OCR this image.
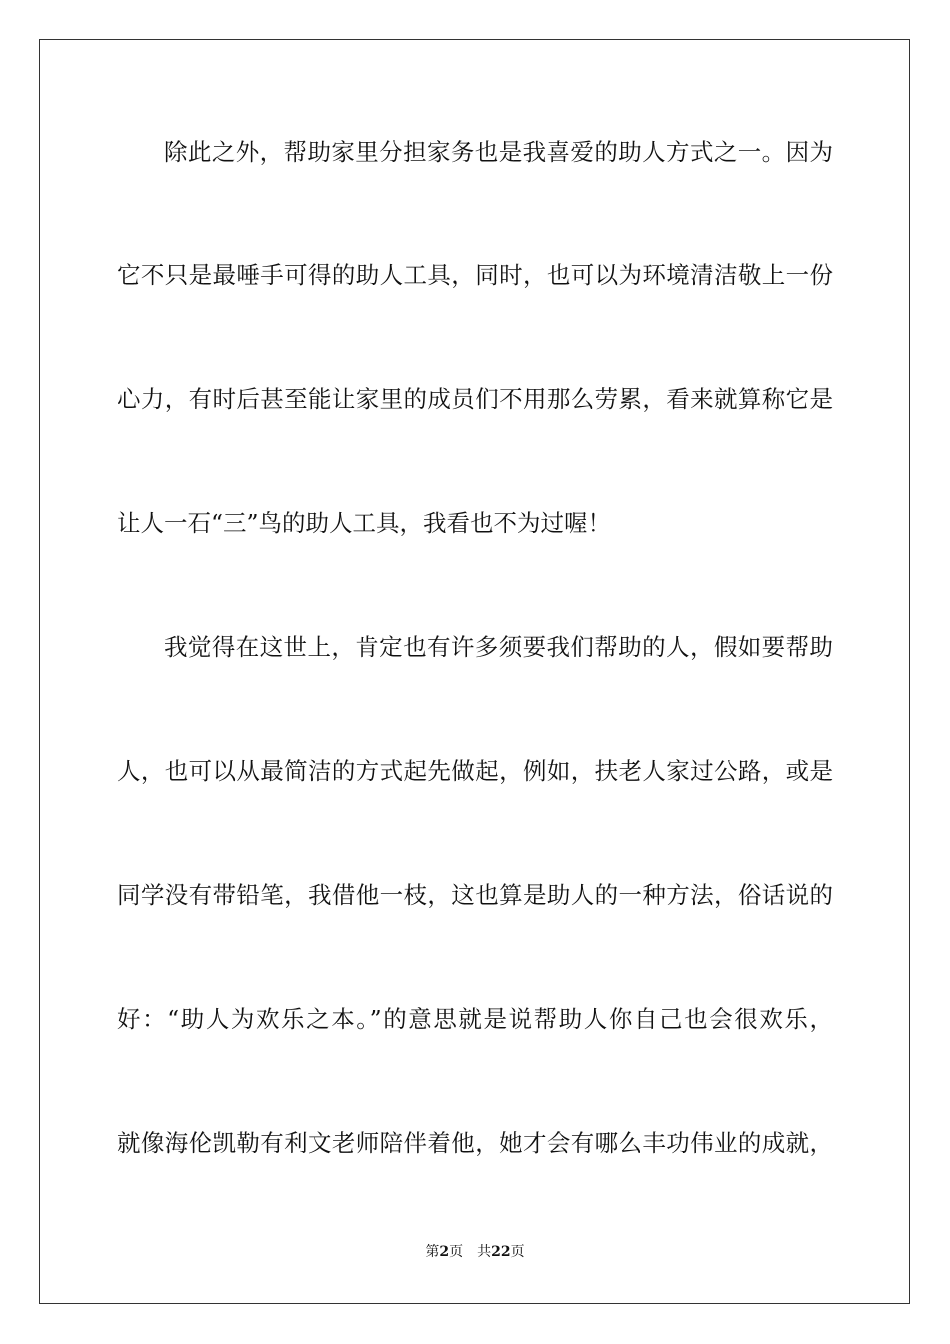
除此之外，帮助家里分担家务也是我喜爱的助人方式之一。因为
它不只是最唾手可得的助人工具，同时，也可以为环境清洁敬上一份
心力，有时后甚至能让家里的成员们不用那么劳累，看来就算称它是
让人一石“三”鸟的助人工具，我看也不为过喔！
我觉得在这世上，肯定也有许多须要我们帮助的人，假如要帮助
人，也可以从最简洁的方式起先做起，例如，扶老人家过公路，或是
同学没有带铅笔，我借他一枝，这也算是助人的一种方法，俗话说的
好：“助人为欢乐之本。”的意思就是说帮助人你自己也会很欢乐，
就像海伦凯勒有利文老师陪伴着他，她才会有哪么丰功伟业的成就，
第2页 共22页
